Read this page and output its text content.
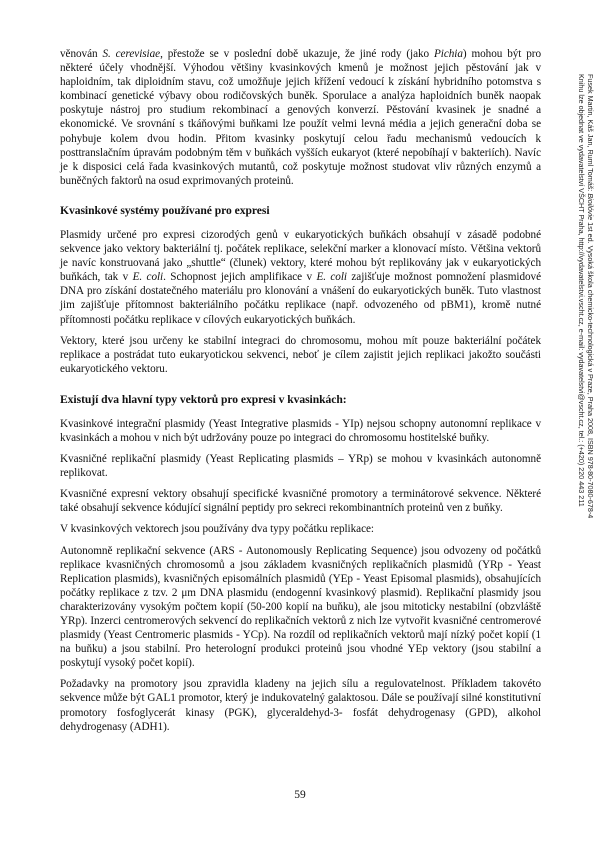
věnován S. cerevisiae, přestože se v poslední době ukazuje, že jiné rody (jako Pichia) mohou být pro některé účely vhodnější. Výhodou většiny kvasinkových kmenů je možnost jejich pěstování jak v haploidním, tak diploidním stavu, což umožňuje jejich křížení vedoucí k získání hybridního potomstva s kombinací genetické výbavy obou rodičovských buněk. Sporulace a analýza haploidních buněk naopak poskytuje nástroj pro studium rekombinací a genových konverzí. Pěstování kvasinek je snadné a ekonomické. Ve srovnání s tkáňovými buňkami lze použít velmi levná média a jejich generační doba se pohybuje kolem dvou hodin. Přitom kvasinky poskytují celou řadu mechanismů vedoucích k posttranslačním úpravám podobným těm v buňkách vyšších eukaryot (které nepobíhají v bakteriích). Navíc je k disposici celá řada kvasinkových mutantů, což poskytuje možnost studovat vliv různých enzymů a buněčných faktorů na osud exprimovaných proteinů.

Kvasinkové systémy používané pro expresi

Plasmidy určené pro expresi cizorodých genů v eukaryotických buňkách obsahují v zásadě podobné sekvence jako vektory bakteriální tj. počátek replikace, selekční marker a klonovací místo. Většina vektorů je navíc konstruovaná jako „shuttle“ (člunek) vektory, které mohou být replikovány jak v eukaryotických buňkách, tak v E. coli. Schopnost jejich amplifikace v E. coli zajišťuje možnost pomnožení plasmidové DNA pro získání dostatečného materiálu pro klonování a vnášení do eukaryotických buněk. Tuto vlastnost jim zajišťuje přítomnost bakteriálního počátku replikace (např. odvozeného od pBM1), kromě nutné přítomnosti počátku replikace v cílových eukaryotických buňkách.

Vektory, které jsou určeny ke stabilní integraci do chromosomu, mohou mít pouze bakteriální počátek replikace a postrádat tuto eukaryotickou sekvenci, neboť je cílem zajistit jejich replikaci jakožto součásti eukaryotického vektoru.

Existují dva hlavní typy vektorů pro expresi v kvasinkách:

Kvasinkové integrační plasmidy (Yeast Integrative plasmids - YIp) nejsou schopny autonomní replikace v kvasinkách a mohou v nich být udržovány pouze po integraci do chromosomu hostitelské buňky.

Kvasničné replikační plasmidy (Yeast Replicating plasmids – YRp) se mohou v kvasinkách autonomně replikovat.

Kvasničné expresní vektory obsahují specifické kvasničné promotory a terminátorové sekvence. Některé také obsahují sekvence kódující signální peptidy pro sekreci rekombinantních proteinů ven z buňky.

V kvasinkových vektorech jsou používány dva typy počátku replikace:

Autonomně replikační sekvence (ARS - Autonomously Replicating Sequence) jsou odvozeny od počátků replikace kvasničných chromosomů a jsou základem kvasničných replikačních plasmidů (YRp - Yeast Replication plasmids), kvasničných episomálních plasmidů (YEp - Yeast Episomal plasmids), obsahujících počátky replikace z tzv. 2 μm DNA plasmidu (endogenní kvasinkový plasmid). Replikační plasmidy jsou charakterizovány vysokým počtem kopií (50-200 kopií na buňku), ale jsou mitoticky nestabilní (obzvláště YRp). Inzerci centromerových sekvencí do replikačních vektorů z nich lze vytvořit kvasničné centromerové plasmidy (Yeast Centromeric plasmids - YCp). Na rozdíl od replikačních vektorů mají nízký počet kopií (1 na buňku) a jsou stabilní. Pro heterologní produkci proteinů jsou vhodné YEp vektory (jsou stabilní a poskytují vysoký počet kopií).

Požadavky na promotory jsou zpravidla kladeny na jejich sílu a regulovatelnost. Příkladem takovéto sekvence může být GAL1 promotor, který je indukovatelný galaktosou. Dále se používají silné konstitutivní promotory fosfoglycerát kinasy (PGK), glyceraldehyd-3- fosfát dehydrogenasy (GPD), alkohol dehydrogenasy (ADH1).

59
Fusek Martin, Káš Jan, Ruml Tomáš: Bioilóvie 1st ed. Vysoká škola chemicko-technologická v Praze, Praha 2008, ISBN 978-80-7080-678-4
Knihu lze objednat ve vydavatelství VŠCHT Praha, http://vydavatelstvi.vscht.cz, e-mail: vydavatelstvi@vscht.cz, tel.: (+420) 220 443 211
